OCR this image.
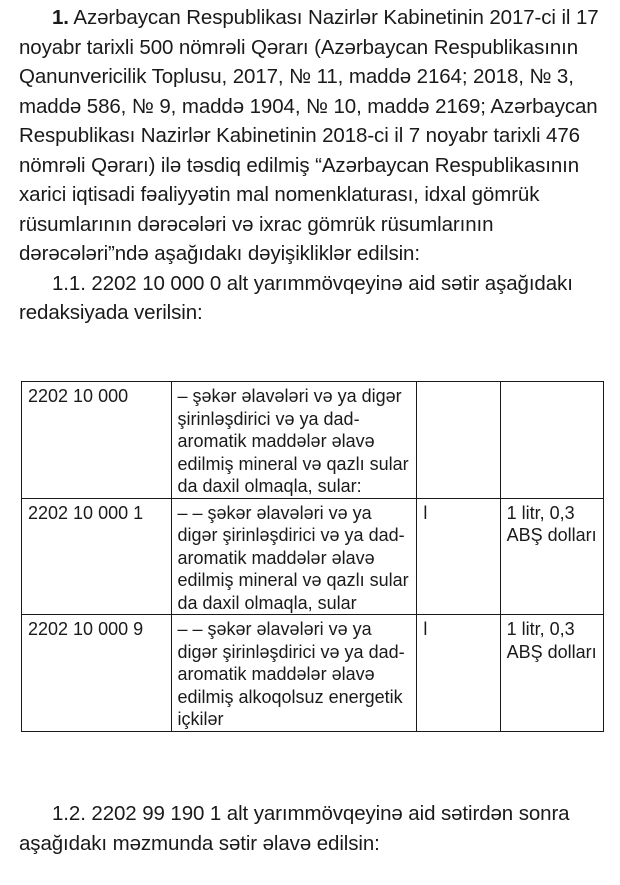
1. Azərbaycan Respublikası Nazirlər Kabinetinin 2017-ci il 17 noyabr tarixli 500 nömrəli Qərarı (Azərbaycan Respublikasının Qanunvericilik Toplusu, 2017, № 11, maddə 2164; 2018, № 3, maddə 586, № 9, maddə 1904, № 10, maddə 2169; Azərbaycan Respublikası Nazirlər Kabinetinin 2018-ci il 7 noyabr tarixli 476 nömrəli Qərarı) ilə təsdiq edilmiş “Azərbaycan Respublikasının xarici iqtisadi fəaliyyətin mal nomenklaturası, idxal gömrük rüsumlarının dərəcələri və ixrac gömrük rüsumlarının dərəcələri”ndə aşağıdakı dəyişikliklər edilsin:

1.1. 2202 10 000 0 alt yarımmövqeyinə aid sətir aşağıdakı redaksiyada verilsin:

2202 10 000	– şəkər əlavələri və ya digər şirinləşdirici və ya dad-aromatik maddələr əlavə edilmiş mineral və qazlı sular da daxil olmaqla, sular:		
2202 10 000 1	– – şəkər əlavələri və ya digər şirinləşdirici və ya dad-aromatik maddələr əlavə edilmiş mineral və qazlı sular da daxil olmaqla, sular	l	1 litr, 0,3 ABŞ dolları
2202 10 000 9	– – şəkər əlavələri və ya digər şirinləşdirici və ya dad-aromatik maddələr əlavə edilmiş alkoqolsuz energetik içkilər	l	1 litr, 0,3 ABŞ dolları

1.2. 2202 99 190 1 alt yarımmövqeyinə aid sətirdən sonra aşağıdakı məzmunda sətir əlavə edilsin:
